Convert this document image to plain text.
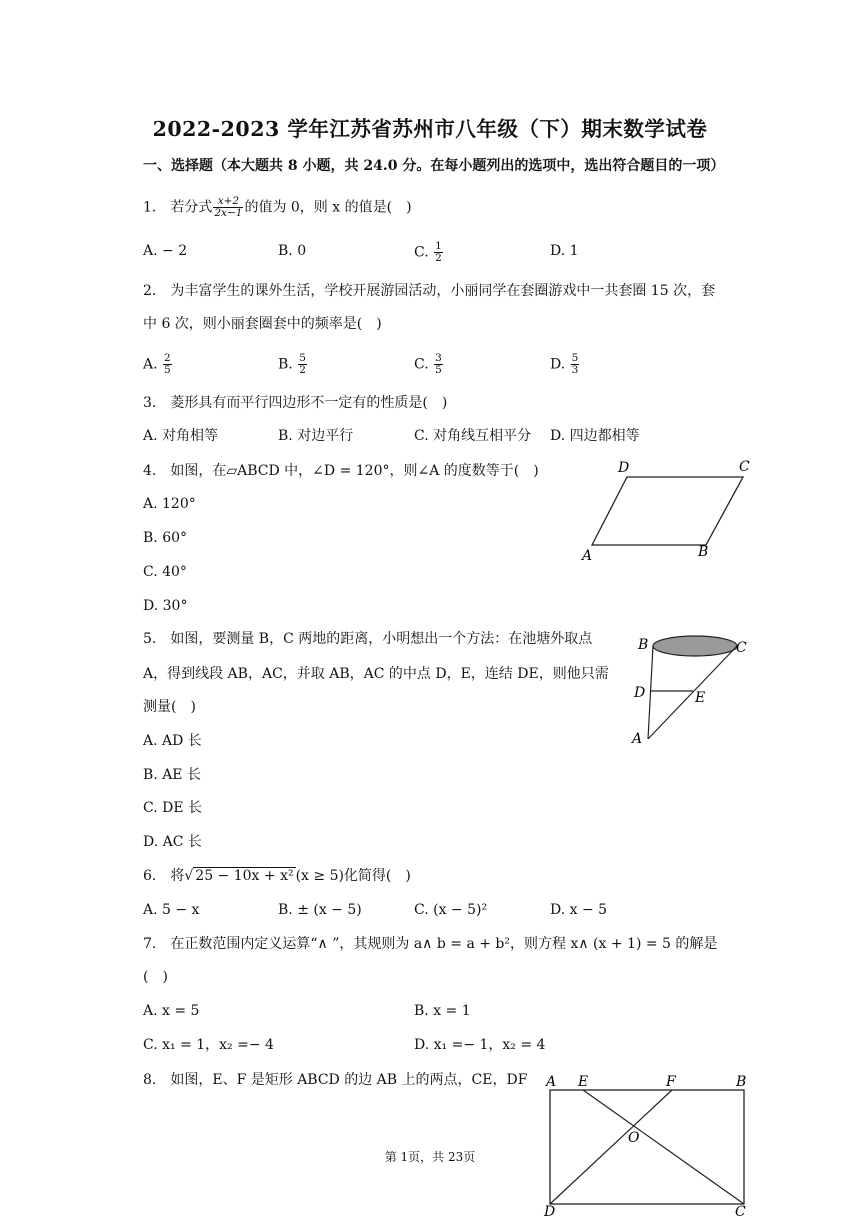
2022-2023 学年江苏省苏州市八年级（下）期末数学试卷
一、选择题（本大题共 8 小题，共 24.0 分。在每小题列出的选项中，选出符合题目的一项）
1.　若分式 $\frac{x+2}{2x-1}$ 的值为 0，则 x 的值是(　)
A. − 2	B. 0	C. $\frac{1}{2}$	D. 1
2.　为丰富学生的课外生活，学校开展游园活动，小丽同学在套圈游戏中一共套圈 15 次，套
中 6 次，则小丽套圈套中的频率是(　)
A. $\frac{2}{5}$	B. $\frac{5}{2}$	C. $\frac{3}{5}$	D. $\frac{5}{3}$
3.　菱形具有而平行四边形不一定有的性质是(　)
A. 对角相等	B. 对边平行	C. 对角线互相平分 D. 四边都相等
4.　如图，在▱ABCD 中，∠D = 120°，则∠A 的度数等于(　)
A. 120°
B. 60°
C. 40°
D. 30°
D	C
A	B
5.　如图，要测量 B，C 两地的距离，小明想出一个方法：在池塘外取点
A，得到线段 AB，AC，并取 AB，AC 的中点 D，E，连结 DE，则他只需
测量(　)
A. AD 长
B. AE 长
C. DE 长
D. AC 长
B	C
D	E
A
6.　将√ 25 − 10x + x² (x ≥ 5)化简得(　)
A. 5 − x	B. ± (x − 5)	C. (x − 5)²	D. x − 5
7.　在正数范围内定义运算“∧ ”，其规则为 a∧ b = a + b²，则方程 x∧ (x + 1) = 5 的解是
(　)
A. x = 5	B. x = 1
C. x₁ = 1，x₂ =− 4	D. x₁ =− 1，x₂ = 4
8.　如图，E、F 是矩形 ABCD 的边 AB 上的两点，CE，DF A E	F	B
O
D	C
第 1页，共 23页
